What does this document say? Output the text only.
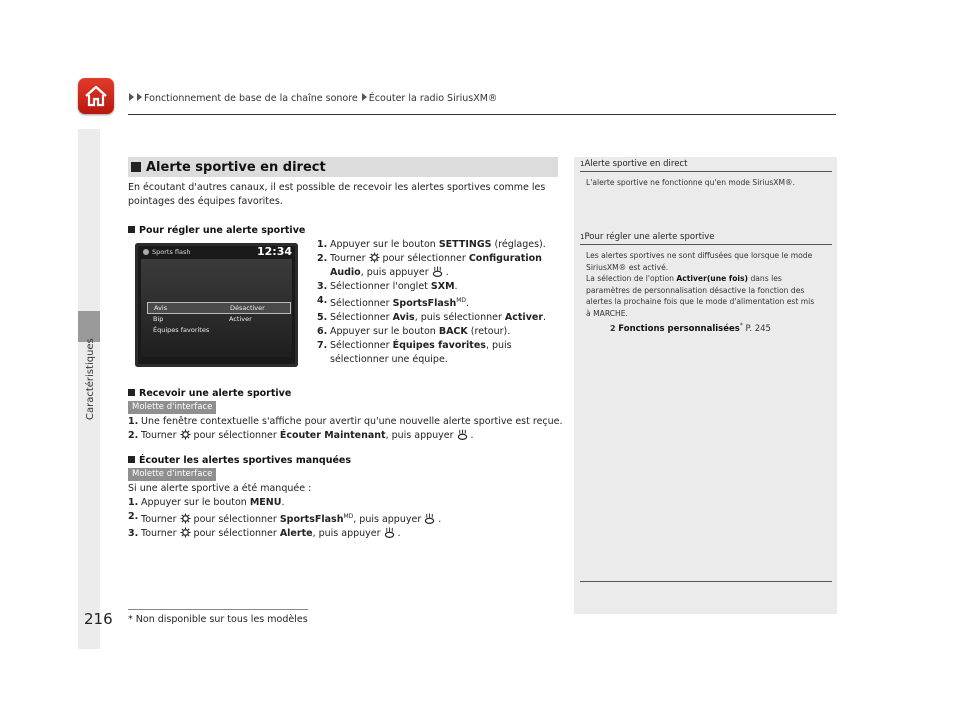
Fonctionnement de base de la chaîne sonore Écouter la radio SiriusXM®
Caractéristiques
Alerte sportive en direct
En écoutant d'autres canaux, il est possible de recevoir les alertes sportives comme les
pointages des équipes favorites.
Pour régler une alerte sportive
Sports flash	12:34
Avis	Désactiver
Bip	Activer
Équipes favorites
1. Appuyer sur le bouton SETTINGS (réglages).
2. Tourner pour sélectionner Configuration
Audio, puis appuyer .
3. Sélectionner l'onglet SXM.
4. Sélectionner SportsFlash$^{MD}$.
5. Sélectionner Avis, puis sélectionner Activer.
6. Appuyer sur le bouton BACK (retour).
7. Sélectionner Équipes favorites, puis
sélectionner une équipe.
Recevoir une alerte sportive
Molette d'interface
1. Une fenêtre contextuelle s'affiche pour avertir qu'une nouvelle alerte sportive est reçue.
2. Tourner pour sélectionner Écouter Maintenant, puis appuyer .
Écouter les alertes sportives manquées
Molette d'interface
Si une alerte sportive a été manquée :
1. Appuyer sur le bouton MENU.
2. Tourner pour sélectionner SportsFlash$^{MD}$, puis appuyer .
3. Tourner pour sélectionner Alerte, puis appuyer .
1Alerte sportive en direct
L'alerte sportive ne fonctionne qu'en mode SiriusXM®.
1Pour régler une alerte sportive
Les alertes sportives ne sont diffusées que lorsque le mode SiriusXM® est activé.
La sélection de l'option Activer(une fois) dans les paramètres de personnalisation désactive la fonction des alertes la prochaine fois que le mode d'alimentation est mis à MARCHE.
2 Fonctions personnalisées* P. 245
216 * Non disponible sur tous les modèles
